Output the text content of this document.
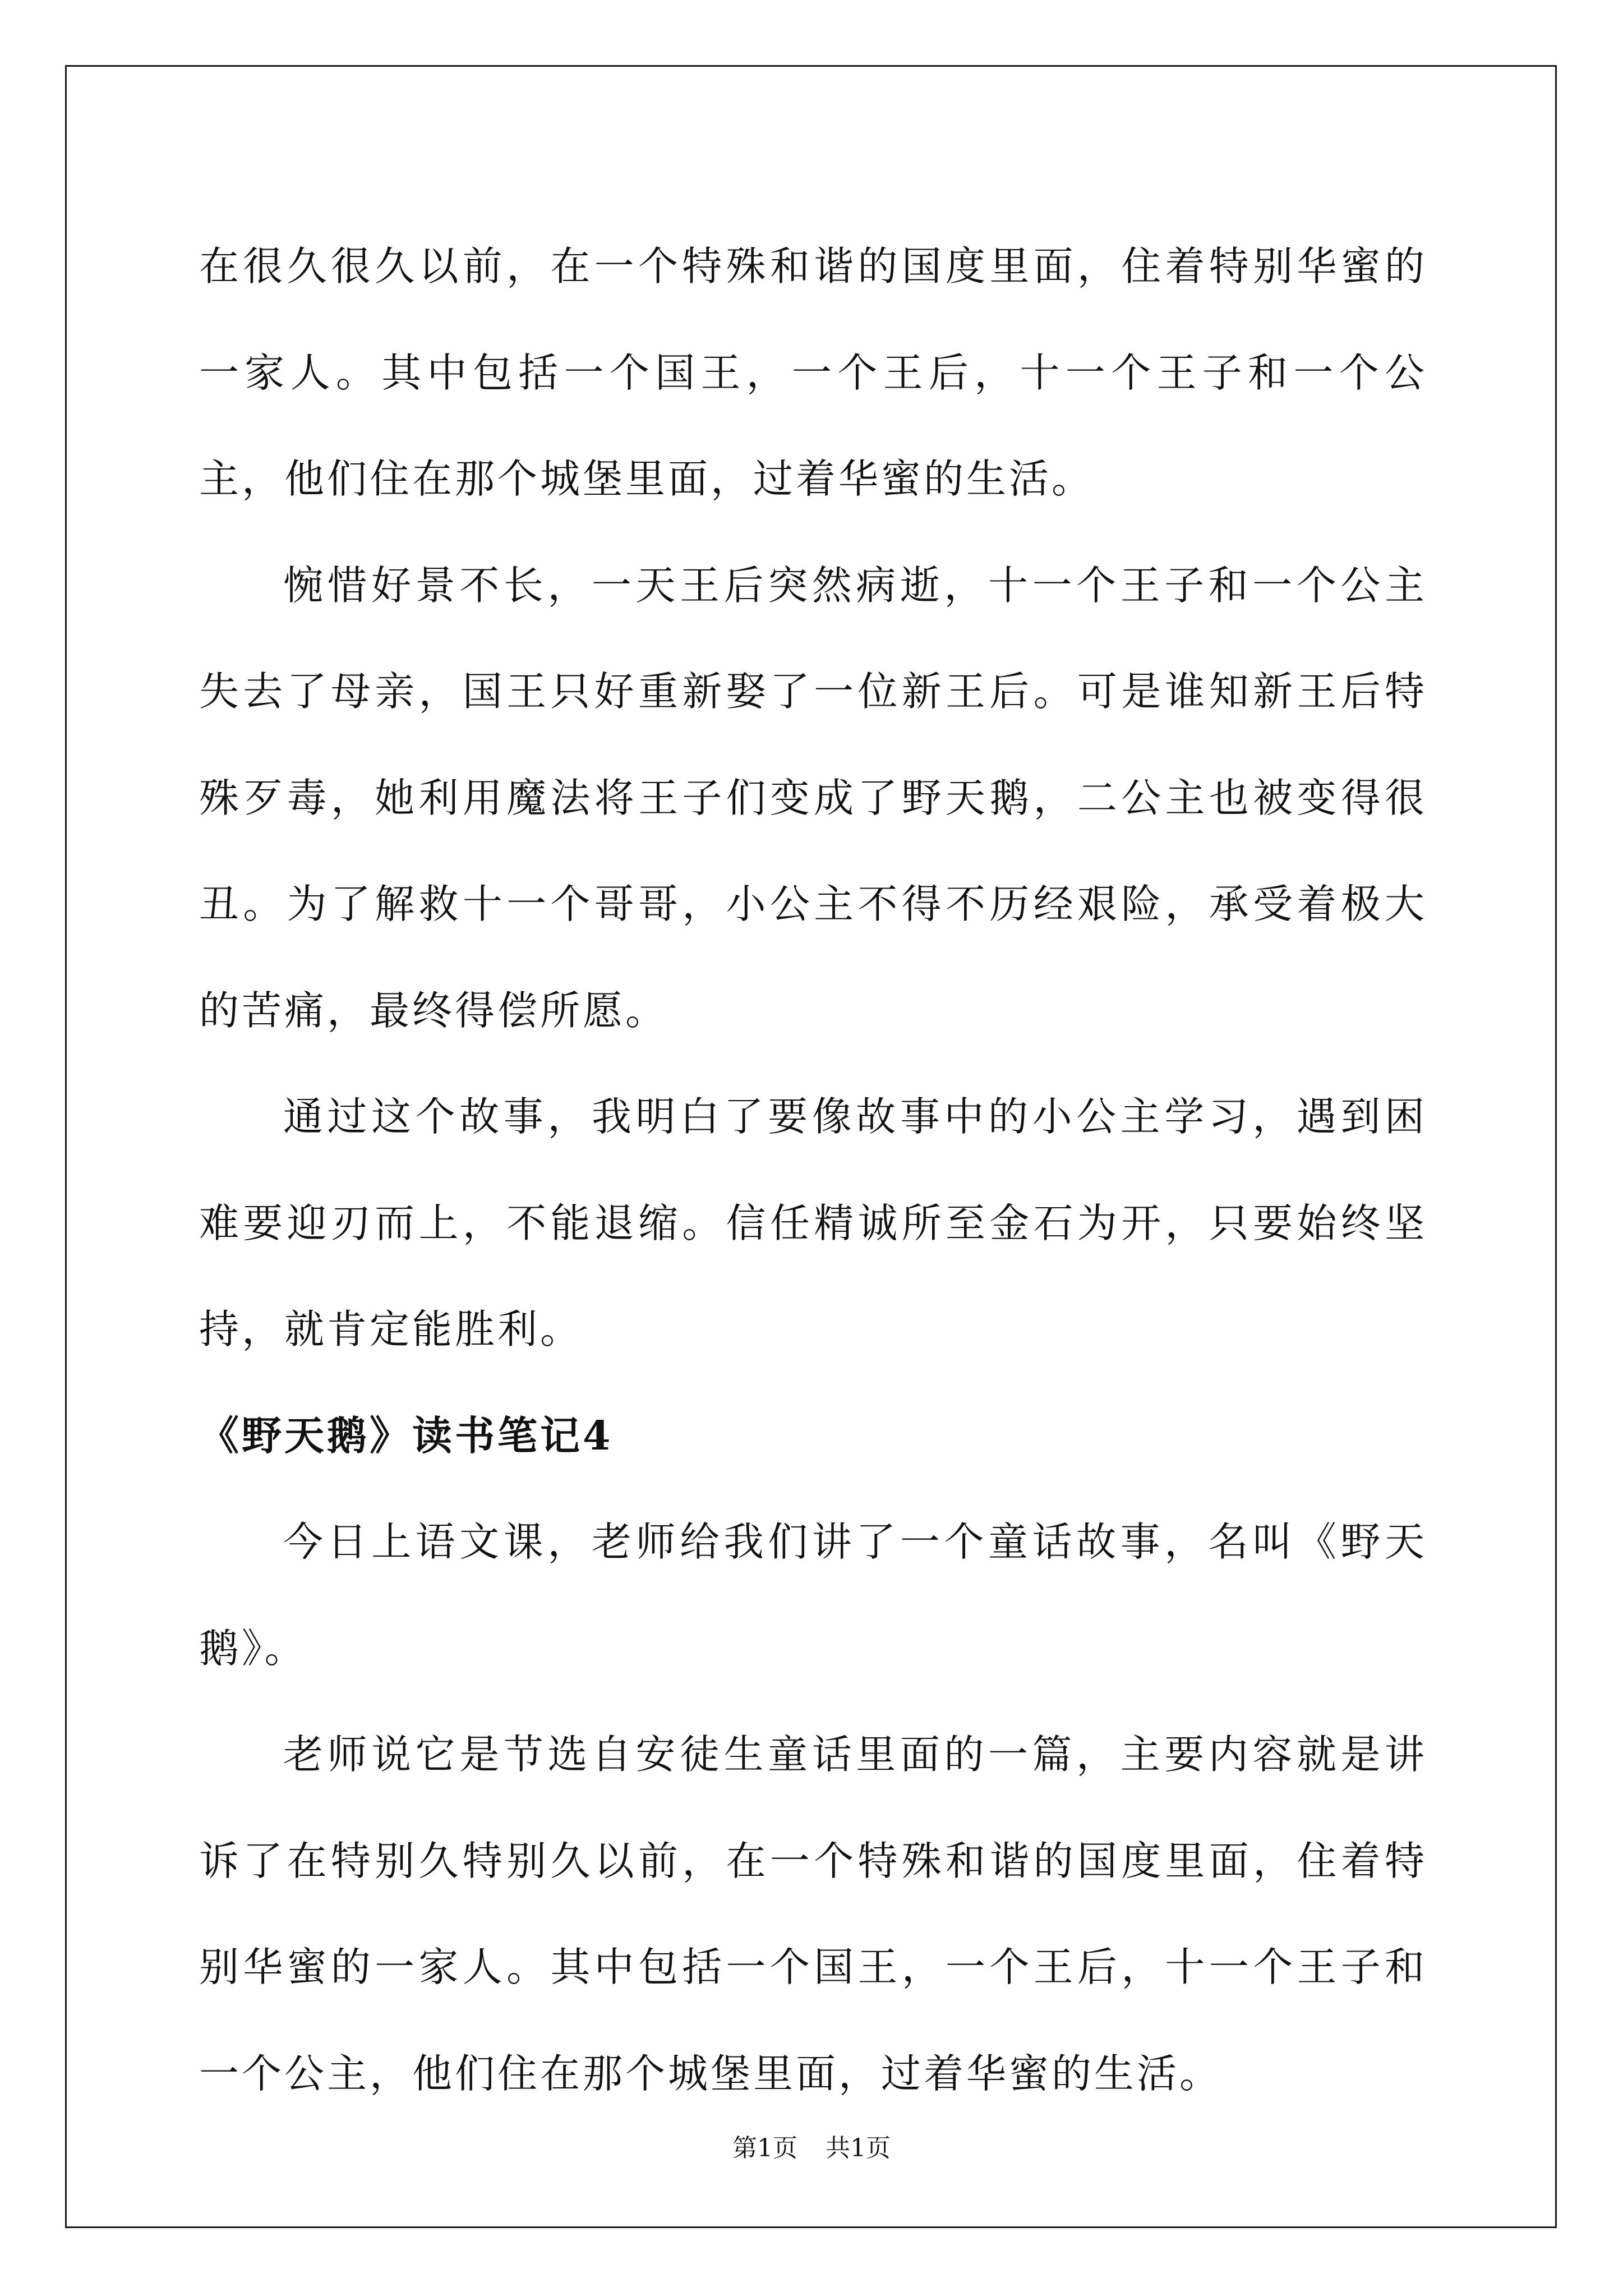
在很久很久以前，在一个特殊和谐的国度里面，住着特别华蜜的一家人。其中包括一个国王，一个王后，十一个王子和一个公主，他们住在那个城堡里面，过着华蜜的生活。

惋惜好景不长，一天王后突然病逝，十一个王子和一个公主失去了母亲，国王只好重新娶了一位新王后。可是谁知新王后特殊歹毒，她利用魔法将王子们变成了野天鹅，二公主也被变得很丑。为了解救十一个哥哥，小公主不得不历经艰险，承受着极大的苦痛，最终得偿所愿。

通过这个故事，我明白了要像故事中的小公主学习，遇到困难要迎刃而上，不能退缩。信任精诚所至金石为开，只要始终坚持，就肯定能胜利。

《野天鹅》读书笔记4

今日上语文课，老师给我们讲了一个童话故事，名叫《野天鹅》。

老师说它是节选自安徒生童话里面的一篇，主要内容就是讲诉了在特别久特别久以前，在一个特殊和谐的国度里面，住着特别华蜜的一家人。其中包括一个国王，一个王后，十一个王子和一个公主，他们住在那个城堡里面，过着华蜜的生活。

第1页 共1页
